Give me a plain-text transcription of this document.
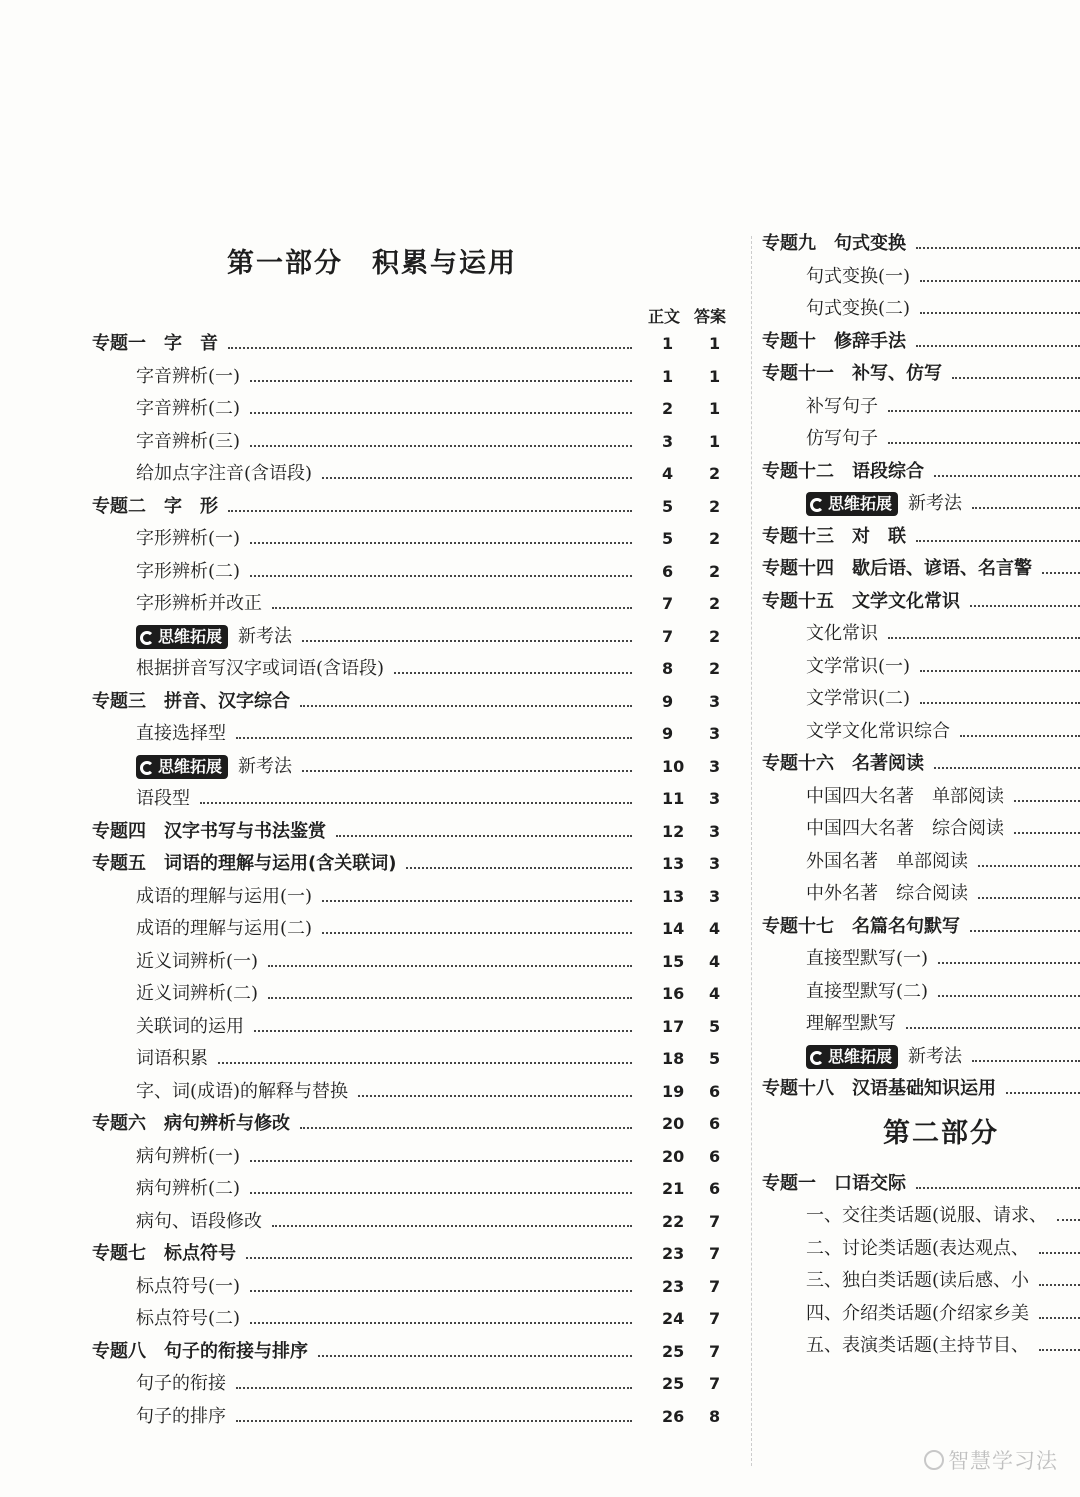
第一部分　积累与运用
正文 答案
专题一　字　音	1 1
字音辨析(一)	1 1
字音辨析(二)	2 1
字音辨析(三)	3 1
给加点字注音(含语段)	4 2
专题二　字　形	5 2
字形辨析(一)	5 2
字形辨析(二)	6 2
字形辨析并改正	7 2
思维拓展 新考法	7 2
根据拼音写汉字或词语(含语段)	8 2
专题三　拼音、汉字综合	9 3
直接选择型	9 3
思维拓展 新考法	10 3
语段型	11 3
专题四　汉字书写与书法鉴赏	12 3
专题五　词语的理解与运用(含关联词)	13 3
成语的理解与运用(一)	13 3
成语的理解与运用(二)	14 4
近义词辨析(一)	15 4
近义词辨析(二)	16 4
关联词的运用	17 5
词语积累	18 5
字、词(成语)的解释与替换	19 6
专题六　病句辨析与修改	20 6
病句辨析(一)	20 6
病句辨析(二)	21 6
病句、语段修改	22 7
专题七　标点符号	23 7
标点符号(一)	23 7
标点符号(二)	24 7
专题八　句子的衔接与排序	25 7
句子的衔接	25 7
句子的排序	26 8
专题九　句式变换
句式变换(一)
句式变换(二)
专题十　修辞手法
专题十一　补写、仿写
补写句子
仿写句子
专题十二　语段综合
思维拓展 新考法
专题十三　对　联
专题十四　歇后语、谚语、名言警
专题十五　文学文化常识
文化常识
文学常识(一)
文学常识(二)
文学文化常识综合
专题十六　名著阅读
中国四大名著　单部阅读
中国四大名著　综合阅读
外国名著　单部阅读
中外名著　综合阅读
专题十七　名篇名句默写
直接型默写(一)
直接型默写(二)
理解型默写
思维拓展 新考法
专题十八　汉语基础知识运用
第二部分
专题一　口语交际
一、交往类话题(说服、请求、
二、讨论类话题(表达观点、
三、独白类话题(读后感、小
四、介绍类话题(介绍家乡美
五、表演类话题(主持节目、
智慧学习法
